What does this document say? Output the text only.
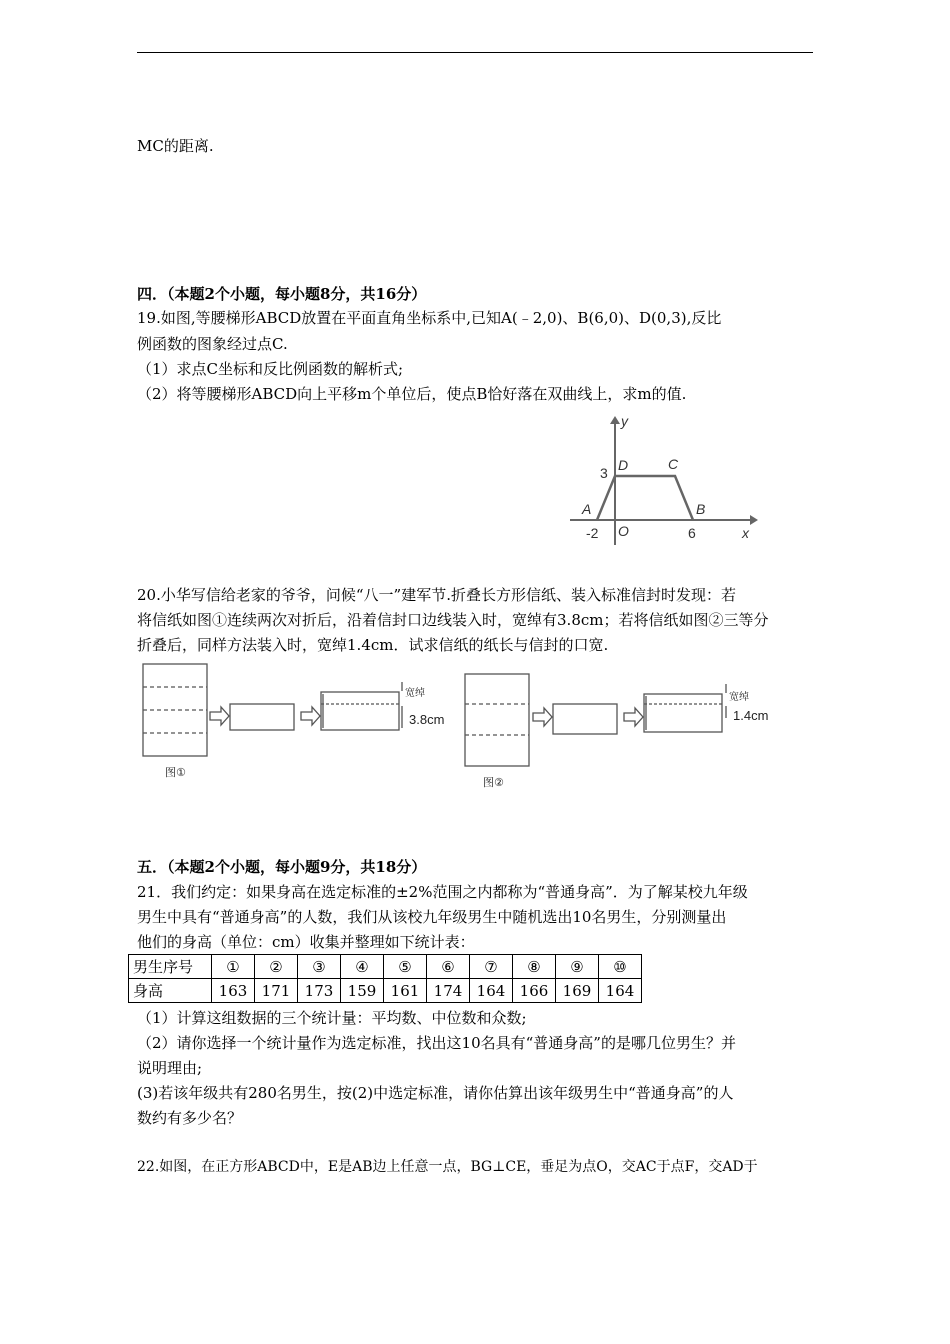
MC的距离.
四．（本题2个小题，每小题8分，共16分）
19.如图,等腰梯形ABCD放置在平面直角坐标系中,已知A(﹣2,0)、B(6,0)、D(0,3),反比
例函数的图象经过点C.
（1）求点C坐标和反比例函数的解析式;
（2）将等腰梯形ABCD向上平移m个单位后，使点B恰好落在双曲线上，求m的值.
y
x
D	C
A	B
O
3
-2	6
20.小华写信给老家的爷爷，问候“八一”建军节.折叠长方形信纸、装入标准信封时发现：若
将信纸如图①连续两次对折后，沿着信封口边线装入时，宽绰有3.8cm；若将信纸如图②三等分
折叠后，同样方法装入时，宽绰1.4cm．试求信纸的纸长与信封的口宽.
宽绰
3.8cm
图①
宽绰
1.4cm
图②
五．（本题2个小题，每小题9分，共18分）
21．我们约定：如果身高在选定标准的±2%范围之内都称为“普通身高”．为了解某校九年级
男生中具有“普通身高”的人数，我们从该校九年级男生中随机选出10名男生，分别测量出
他们的身高（单位：cm）收集并整理如下统计表：
男生序号	①	②	③	④	⑤	⑥	⑦	⑧	⑨	⑩
身高	163	171	173	159	161	174	164	166	169	164
（1）计算这组数据的三个统计量：平均数、中位数和众数;
（2）请你选择一个统计量作为选定标准，找出这10名具有“普通身高”的是哪几位男生？并
说明理由;
(3)若该年级共有280名男生，按(2)中选定标准，请你估算出该年级男生中“普通身高”的人
数约有多少名？
22.如图，在正方形ABCD中，E是AB边上任意一点，BG⊥CE，垂足为点O，交AC于点F，交AD于
